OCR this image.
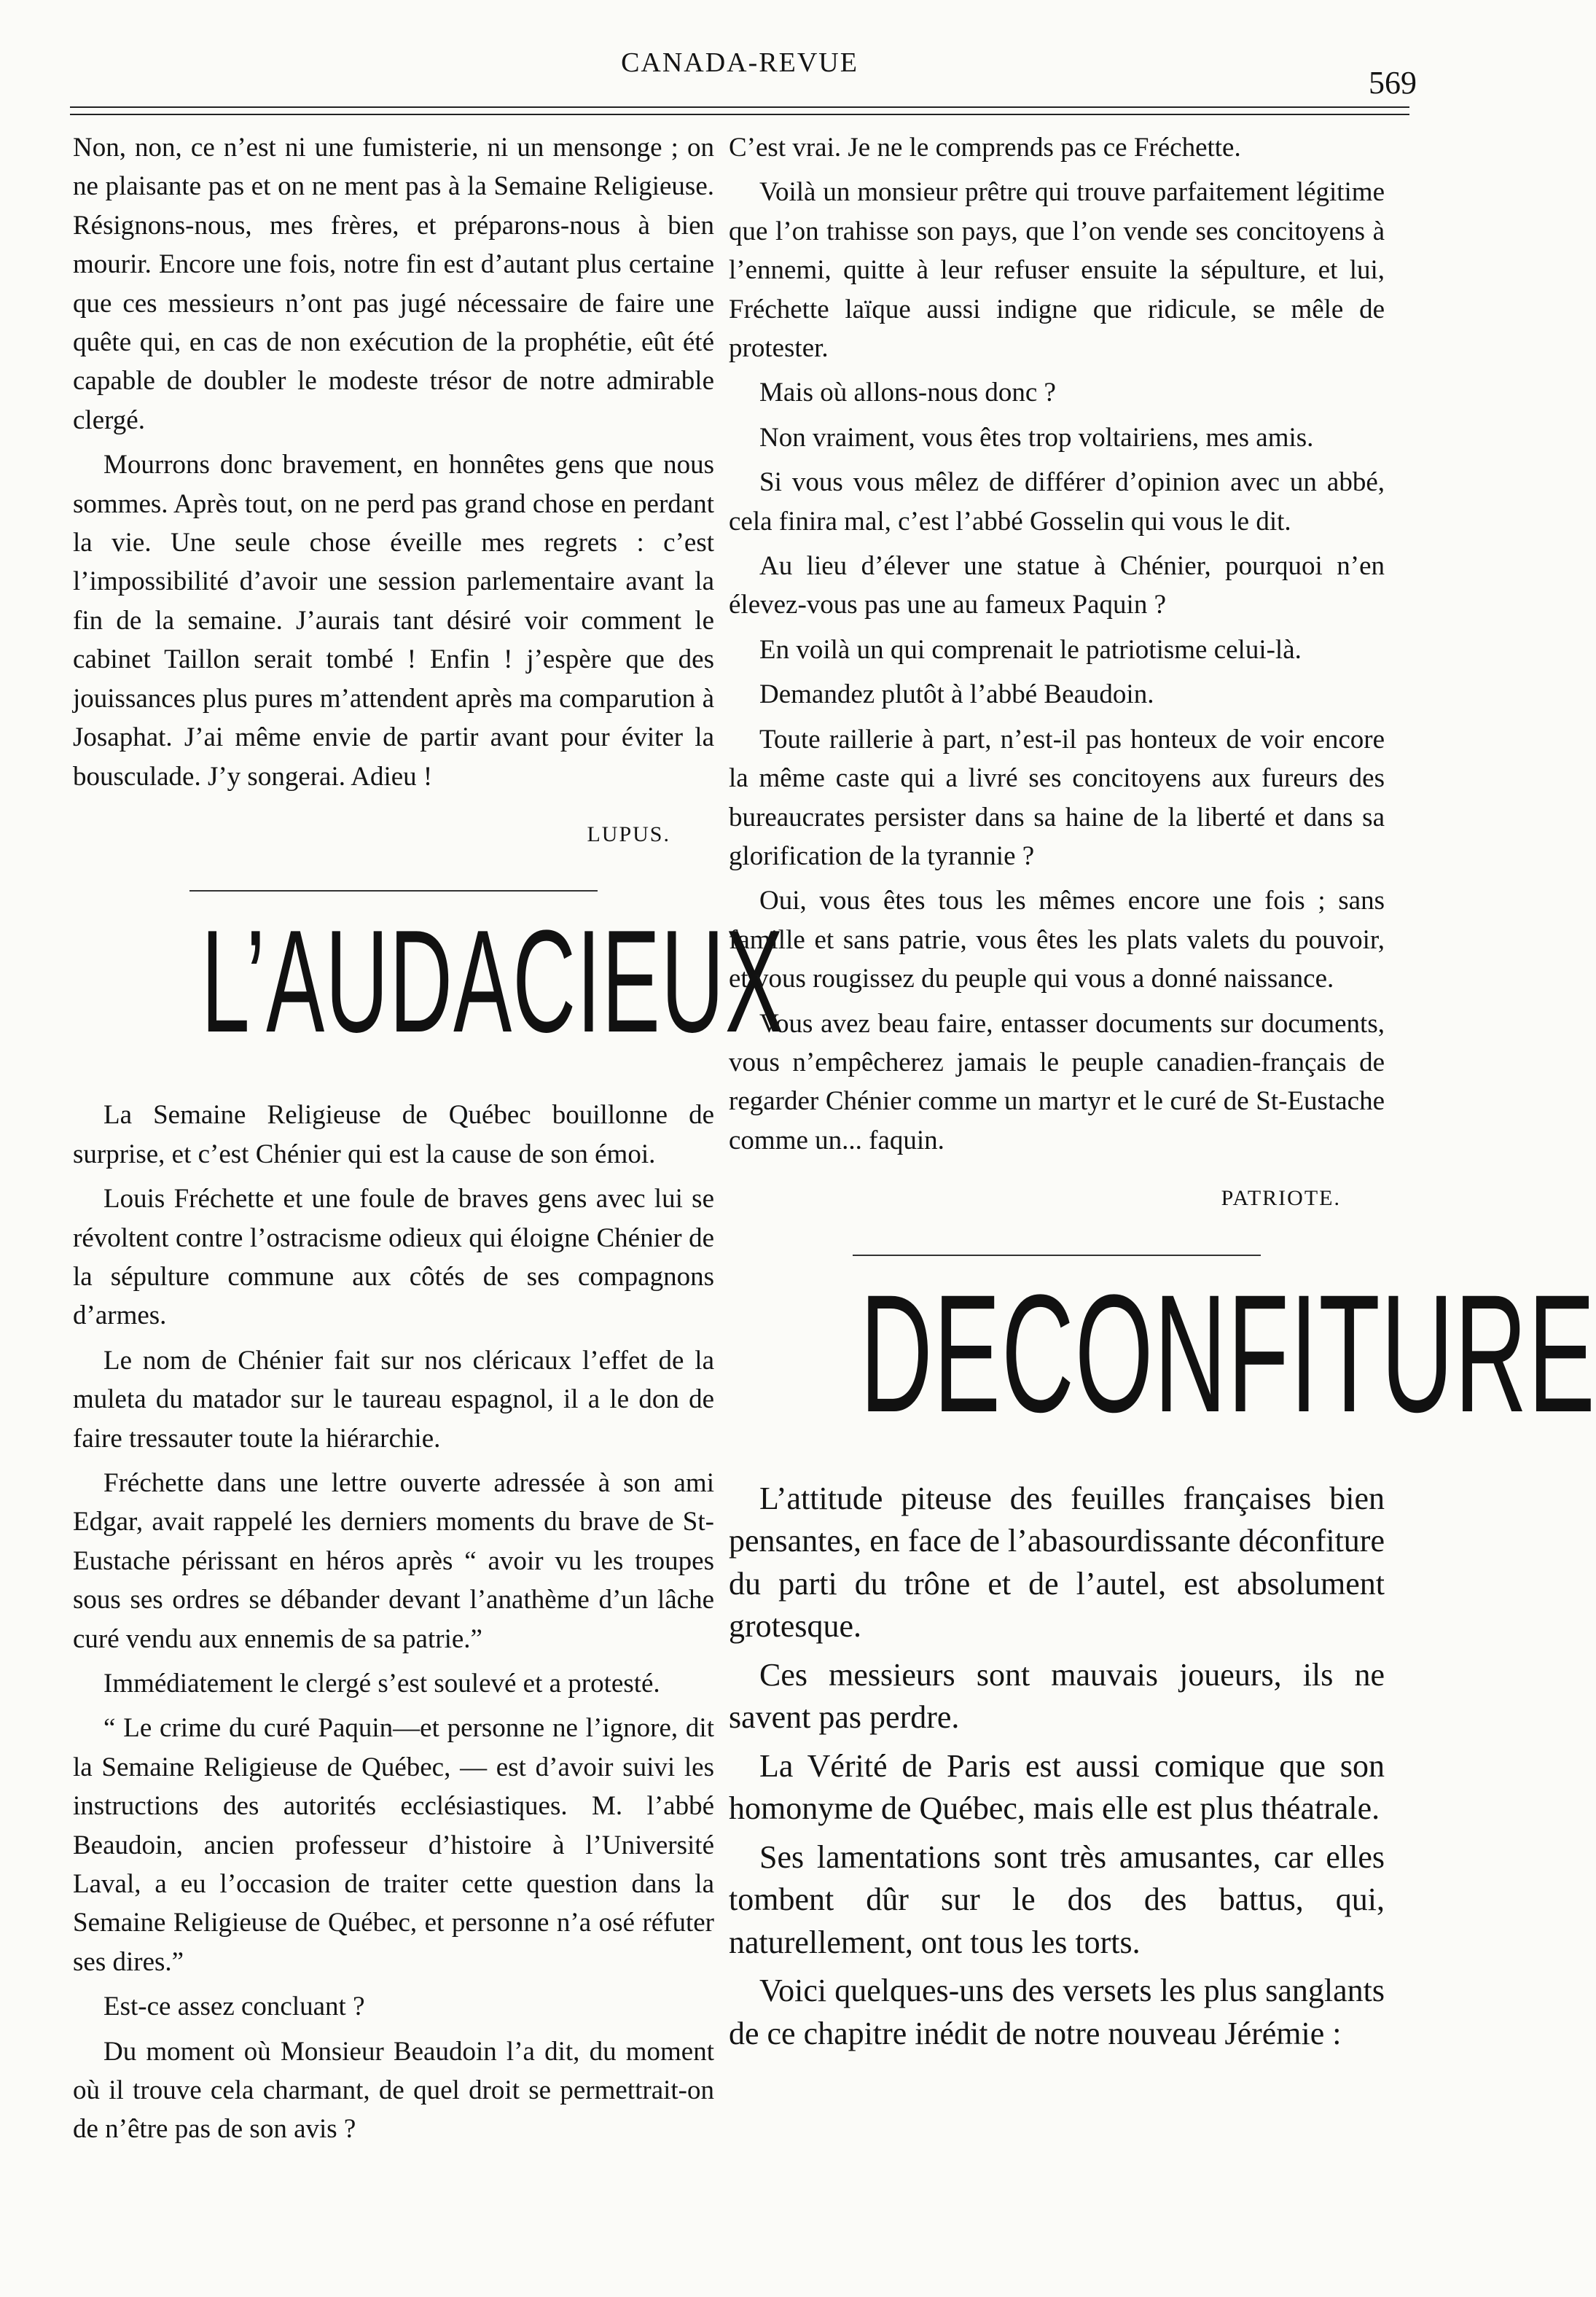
CANADA-REVUE
569

Non, non, ce n’est ni une fumisterie, ni un mensonge ; on ne plaisante pas et on ne ment pas à la Semaine Religieuse. Résignons-nous, mes frères, et préparons-nous à bien mourir. Encore une fois, notre fin est d’autant plus certaine que ces messieurs n’ont pas jugé nécessaire de faire une quête qui, en cas de non exécution de la prophétie, eût été capable de doubler le modeste trésor de notre admirable clergé.

Mourrons donc bravement, en honnêtes gens que nous sommes. Après tout, on ne perd pas grand chose en perdant la vie. Une seule chose éveille mes regrets : c’est l’impossibilité d’avoir une session parlementaire avant la fin de la semaine. J’aurais tant désiré voir comment le cabinet Taillon serait tombé ! Enfin ! j’espère que des jouissances plus pures m’attendent après ma comparution à Josaphat. J’ai même envie de partir avant pour éviter la bousculade. J’y songerai. Adieu !

LUPUS.
L’AUDACIEUX

La Semaine Religieuse de Québec bouillonne de surprise, et c’est Chénier qui est la cause de son émoi.

Louis Fréchette et une foule de braves gens avec lui se révoltent contre l’ostracisme odieux qui éloigne Chénier de la sépulture commune aux côtés de ses compagnons d’armes.

Le nom de Chénier fait sur nos cléricaux l’effet de la muleta du matador sur le taureau espagnol, il a le don de faire tressauter toute la hiérarchie.

Fréchette dans une lettre ouverte adressée à son ami Edgar, avait rappelé les derniers moments du brave de St-Eustache périssant en héros après “ avoir vu les troupes sous ses ordres se débander devant l’anathème d’un lâche curé vendu aux ennemis de sa patrie.”

Immédiatement le clergé s’est soulevé et a protesté.

“ Le crime du curé Paquin—et personne ne l’ignore, dit la Semaine Religieuse de Québec, — est d’avoir suivi les instructions des autorités ecclésiastiques. M. l’abbé Beaudoin, ancien professeur d’histoire à l’Université Laval, a eu l’occasion de traiter cette question dans la Semaine Religieuse de Québec, et personne n’a osé réfuter ses dires.”

Est-ce assez concluant ?

Du moment où Monsieur Beaudoin l’a dit, du moment où il trouve cela charmant, de quel droit se permettrait-on de n’être pas de son avis ?

C’est vrai. Je ne le comprends pas ce Fréchette.

Voilà un monsieur prêtre qui trouve parfaitement légitime que l’on trahisse son pays, que l’on vende ses concitoyens à l’ennemi, quitte à leur refuser ensuite la sépulture, et lui, Fréchette laïque aussi indigne que ridicule, se mêle de protester.

Mais où allons-nous donc ?

Non vraiment, vous êtes trop voltairiens, mes amis.

Si vous vous mêlez de différer d’opinion avec un abbé, cela finira mal, c’est l’abbé Gosselin qui vous le dit.

Au lieu d’élever une statue à Chénier, pourquoi n’en élevez-vous pas une au fameux Paquin ?

En voilà un qui comprenait le patriotisme celui-là.

Demandez plutôt à l’abbé Beaudoin.

Toute raillerie à part, n’est-il pas honteux de voir encore la même caste qui a livré ses concitoyens aux fureurs des bureaucrates persister dans sa haine de la liberté et dans sa glorification de la tyrannie ?

Oui, vous êtes tous les mêmes encore une fois ; sans famille et sans patrie, vous êtes les plats valets du pouvoir, et vous rougissez du peuple qui vous a donné naissance.

Vous avez beau faire, entasser documents sur documents, vous n’empêcherez jamais le peuple canadien-français de regarder Chénier comme un martyr et le curé de St-Eustache comme un... faquin.

PATRIOTE.
DECONFITURE

L’attitude piteuse des feuilles françaises bien pensantes, en face de l’abasourdissante déconfiture du parti du trône et de l’autel, est absolument grotesque.

Ces messieurs sont mauvais joueurs, ils ne savent pas perdre.

La Vérité de Paris est aussi comique que son homonyme de Québec, mais elle est plus théatrale.

Ses lamentations sont très amusantes, car elles tombent dûr sur le dos des battus, qui, naturellement, ont tous les torts.

Voici quelques-uns des versets les plus sanglants de ce chapitre inédit de notre nouveau Jérémie :
